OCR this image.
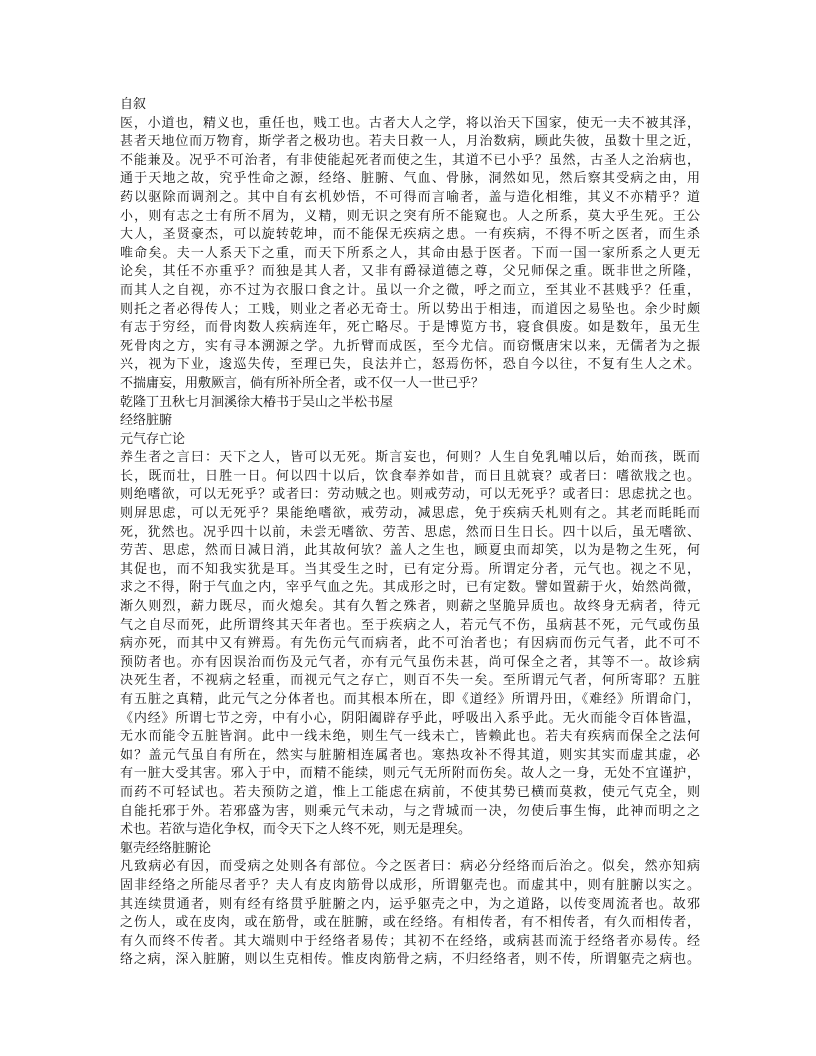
自叙
医，小道也，精义也，重任也，贱工也。古者大人之学，将以治天下国家，使无一夫不被其泽，
甚者天地位而万物育，斯学者之极功也。若夫日救一人，月治数病，顾此失彼，虽数十里之近，
不能兼及。况乎不可治者，有非使能起死者而使之生，其道不已小乎？虽然，古圣人之治病也，
通于天地之故，究乎性命之源，经络、脏腑、气血、骨脉，洞然如见，然后察其受病之由，用
药以驱除而调剂之。其中自有玄机妙悟，不可得而言喻者，盖与造化相维，其义不亦精乎？道
小，则有志之士有所不屑为，义精，则无识之突有所不能窥也。人之所系，莫大乎生死。王公
大人，圣贤豪杰，可以旋转乾坤，而不能保无疾病之患。一有疾病，不得不听之医者，而生杀
唯命矣。夫一人系天下之重，而天下所系之人，其命由悬于医者。下而一国一家所系之人更无
论矣，其任不亦重乎？而独是其人者，又非有爵禄道德之尊，父兄师保之重。既非世之所隆，
而其人之自视，亦不过为衣服口食之计。虽以一介之微，呼之而立，至其业不甚贱乎？任重，
则托之者必得传人；工贱，则业之者必无奇士。所以势出于相违，而道因之易坠也。余少时颇
有志于穷经，而骨肉数人疾病连年，死亡略尽。于是博览方书，寝食俱废。如是数年，虽无生
死骨肉之方，实有寻本溯源之学。九折臂而成医，至今尤信。而窃慨唐宋以来，无儒者为之振
兴，视为下业，逡巡失传，至理已失，良法并亡，怒焉伤怀，恐自今以往，不复有生人之术。
不揣庸妄，用敷厥言，倘有所补所全者，或不仅一人一世已乎？
乾隆丁丑秋七月洄溪徐大椿书于吴山之半松书屋
经络脏腑
元气存亡论
养生者之言曰：天下之人，皆可以无死。斯言妄也，何则？人生自免乳哺以后，始而孩，既而
长，既而壮，日胜一日。何以四十以后，饮食奉养如昔，而日且就衰？或者曰：嗜欲戕之也。
则绝嗜欲，可以无死乎？或者曰：劳动贼之也。则戒劳动，可以无死乎？或者曰：思虑扰之也。
则屏思虑，可以无死乎？果能绝嗜欲，戒劳动，减思虑，免于疾病夭札则有之。其老而眊眊而
死，犹然也。况乎四十以前，未尝无嗜欲、劳苦、思虑，然而日生日长。四十以后，虽无嗜欲、
劳苦、思虑，然而日减日消，此其故何欤？盖人之生也，顾夏虫而却笑，以为是物之生死，何
其促也，而不知我实犹是耳。当其受生之时，已有定分焉。所谓定分者，元气也。视之不见，
求之不得，附于气血之内，宰乎气血之先。其成形之时，已有定数。譬如置薪于火，始然尚微，
渐久则烈，薪力既尽，而火熄矣。其有久暂之殊者，则薪之坚脆异质也。故终身无病者，待元
气之自尽而死，此所谓终其天年者也。至于疾病之人，若元气不伤，虽病甚不死，元气或伤虽
病亦死，而其中又有辨焉。有先伤元气而病者，此不可治者也；有因病而伤元气者，此不可不
预防者也。亦有因误治而伤及元气者，亦有元气虽伤未甚，尚可保全之者，其等不一。故诊病
决死生者，不视病之轻重，而视元气之存亡，则百不失一矣。至所谓元气者，何所寄耶？五脏
有五脏之真精，此元气之分体者也。而其根本所在，即《道经》所谓丹田，《难经》所谓命门，
《内经》所谓七节之旁，中有小心，阴阳阖辟存乎此，呼吸出入系乎此。无火而能令百体皆温，
无水而能令五脏皆润。此中一线未绝，则生气一线未亡，皆赖此也。若夫有疾病而保全之法何
如？盖元气虽自有所在，然实与脏腑相连属者也。寒热攻补不得其道，则实其实而虚其虚，必
有一脏大受其害。邪入于中，而精不能续，则元气无所附而伤矣。故人之一身，无处不宜谨护，
而药不可轻试也。若夫预防之道，惟上工能虑在病前，不使其势已横而莫救，使元气克全，则
自能托邪于外。若邪盛为害，则乘元气未动，与之背城而一决，勿使后事生悔，此神而明之之
术也。若欲与造化争权，而令天下之人终不死，则无是理矣。
躯壳经络脏腑论
凡致病必有因，而受病之处则各有部位。今之医者曰：病必分经络而后治之。似矣，然亦知病
固非经络之所能尽者乎？夫人有皮肉筋骨以成形，所谓躯壳也。而虚其中，则有脏腑以实之。
其连续贯通者，则有经有络贯乎脏腑之内，运乎躯壳之中，为之道路，以传变周流者也。故邪
之伤人，或在皮肉，或在筋骨，或在脏腑，或在经络。有相传者，有不相传者，有久而相传者，
有久而终不传者。其大端则中于经络者易传；其初不在经络，或病甚而流于经络者亦易传。经
络之病，深入脏腑，则以生克相传。惟皮肉筋骨之病，不归经络者，则不传，所谓躯壳之病也。
